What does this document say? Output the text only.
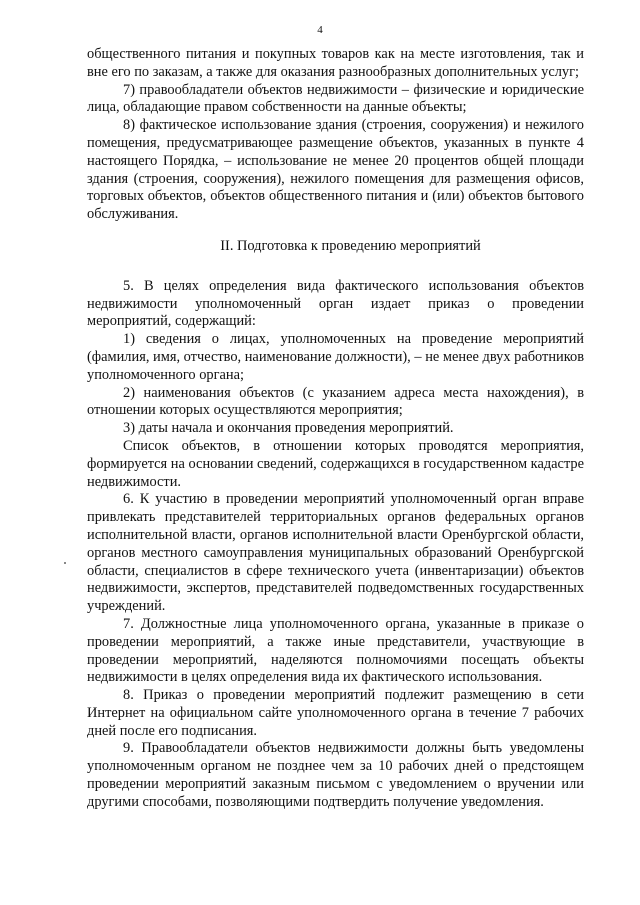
4

общественного питания и покупных товаров как на месте изготовления, так и вне его по заказам, а также для оказания разнообразных дополнительных услуг;

7) правообладатели объектов недвижимости – физические и юридические лица, обладающие правом собственности на данные объекты;

8) фактическое использование здания (строения, сооружения) и нежилого помещения, предусматривающее размещение объектов, указанных в пункте 4 настоящего Порядка, – использование не менее 20 процентов общей площади здания (строения, сооружения), нежилого помещения для размещения офисов, торговых объектов, объектов общественного питания и (или) объектов бытового обслуживания.

II. Подготовка к проведению мероприятий

5. В целях определения вида фактического использования объектов недвижимости уполномоченный орган издает приказ о проведении мероприятий, содержащий:

1) сведения о лицах, уполномоченных на проведение мероприятий (фамилия, имя, отчество, наименование должности), – не менее двух работников уполномоченного органа;

2) наименования объектов (с указанием адреса места нахождения), в отношении которых осуществляются мероприятия;

3) даты начала и окончания проведения мероприятий.

Список объектов, в отношении которых проводятся мероприятия, формируется на основании сведений, содержащихся в государственном кадастре недвижимости.

6. К участию в проведении мероприятий уполномоченный орган вправе привлекать представителей территориальных органов федеральных органов исполнительной власти, органов исполнительной власти Оренбургской области, органов местного самоуправления муниципальных образований Оренбургской области, специалистов в сфере технического учета (инвентаризации) объектов недвижимости, экспертов, представителей подведомственных государственных учреждений.

7. Должностные лица уполномоченного органа, указанные в приказе о проведении мероприятий, а также иные представители, участвующие в проведении мероприятий, наделяются полномочиями посещать объекты недвижимости в целях определения вида их фактического использования.

8. Приказ о проведении мероприятий подлежит размещению в сети Интернет на официальном сайте уполномоченного органа в течение 7 рабочих дней после его подписания.

9. Правообладатели объектов недвижимости должны быть уведомлены уполномоченным органом не позднее чем за 10 рабочих дней о предстоящем проведении мероприятий заказным письмом с уведомлением о вручении или другими способами, позволяющими подтвердить получение уведомления.
